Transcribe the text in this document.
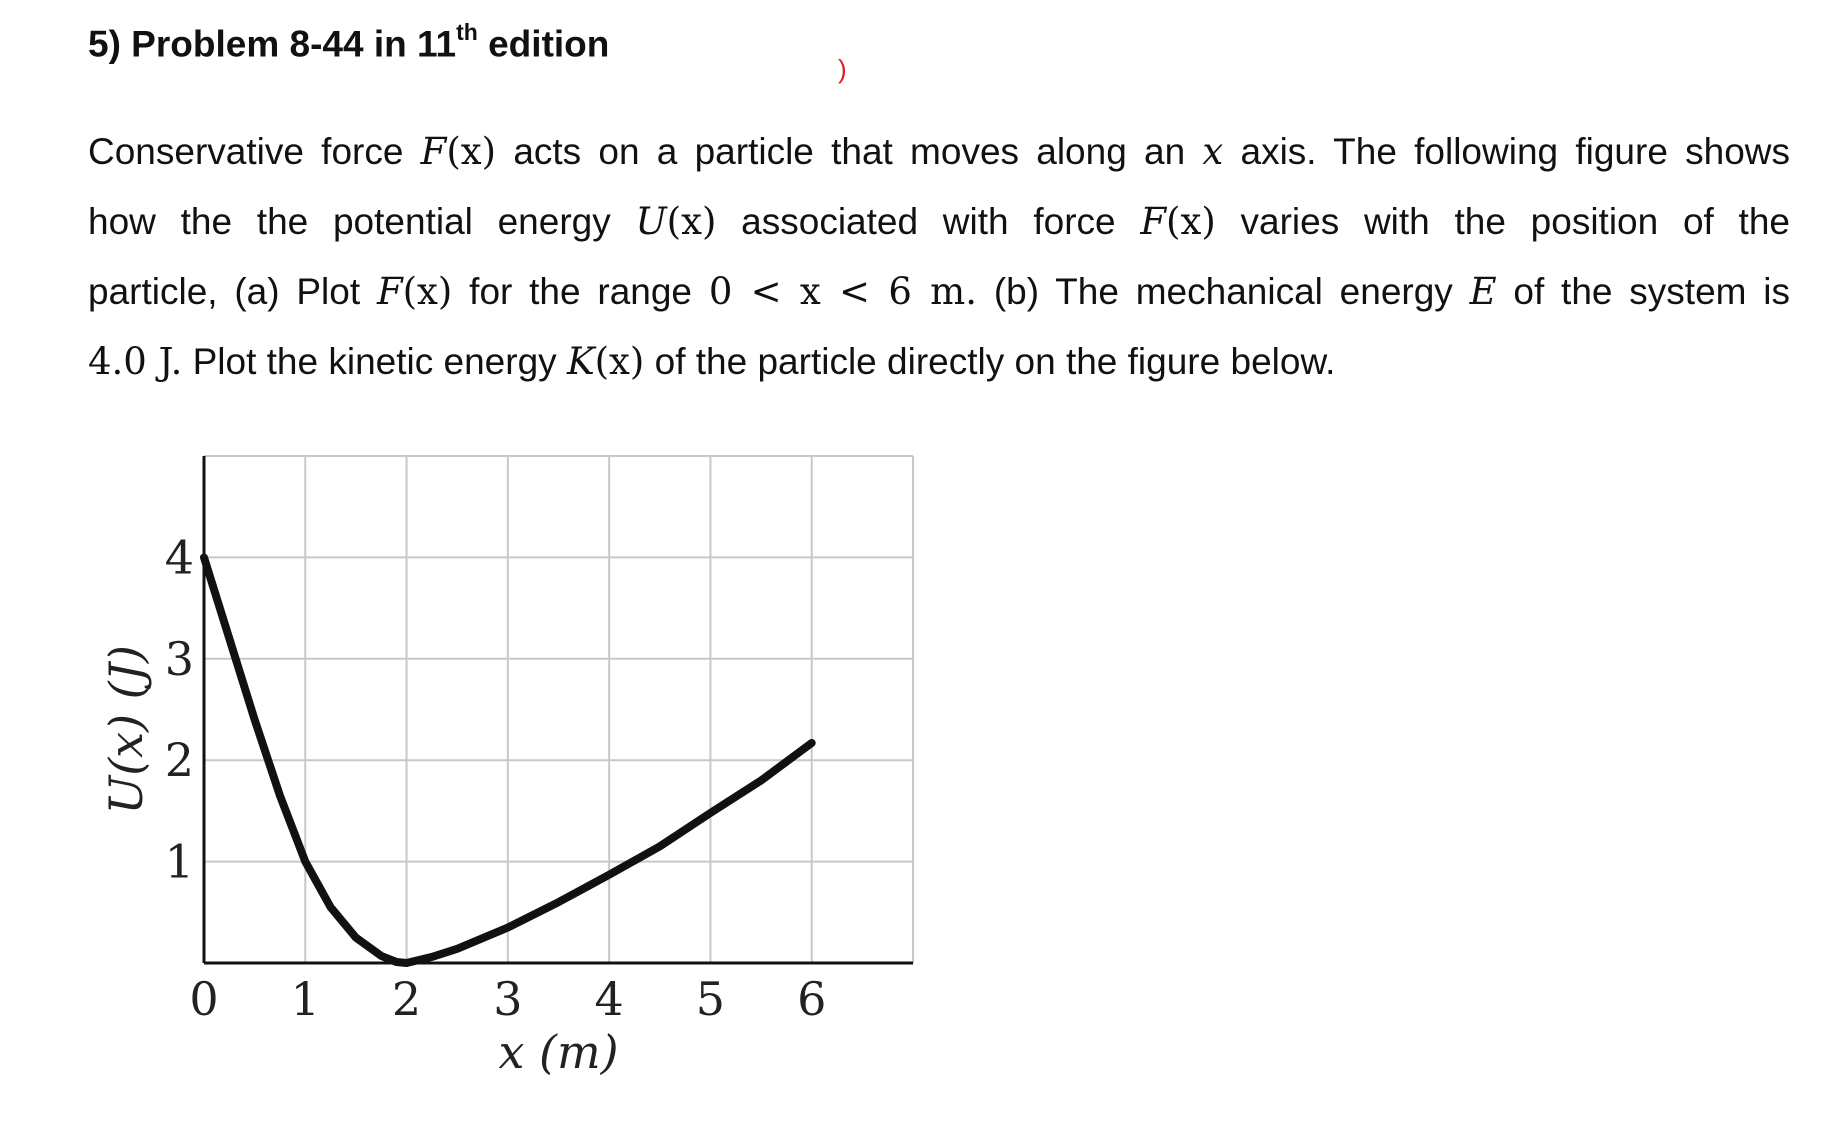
5) Problem 8-44 in 11th edition
)
Conservative force F(x) acts on a particle that moves along an x axis. The following figure shows
how the the potential energy U(x) associated with force F(x) varies with the position of the
particle, (a) Plot F(x) for the range 0 < x < 6 m. (b) The mechanical energy E of the system is
4.0 J. Plot the kinetic energy K(x) of the particle directly on the figure below.
0 1 2 3 4 5 6
1
2
3
4
x (m)
U(x) (J)
